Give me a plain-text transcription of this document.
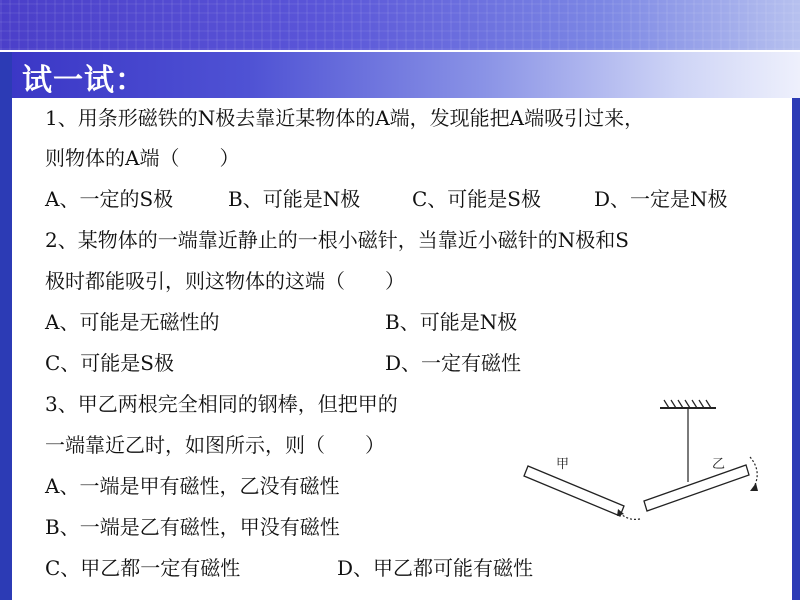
试一试：
1、用条形磁铁的N极去靠近某物体的A端，发现能把A端吸引过来，
则物体的A端（　　）
A、一定的S极	B、可能是N极	C、可能是S极	D、一定是N极
2、某物体的一端靠近静止的一根小磁针，当靠近小磁针的N极和S
极时都能吸引，则这物体的这端（　　）
A、可能是无磁性的	B、可能是N极
C、可能是S极	D、一定有磁性
3、甲乙两根完全相同的钢棒，但把甲的
一端靠近乙时，如图所示，则（　　）
A、一端是甲有磁性，乙没有磁性
B、一端是乙有磁性，甲没有磁性
C、甲乙都一定有磁性	D、甲乙都可能有磁性
甲	乙
